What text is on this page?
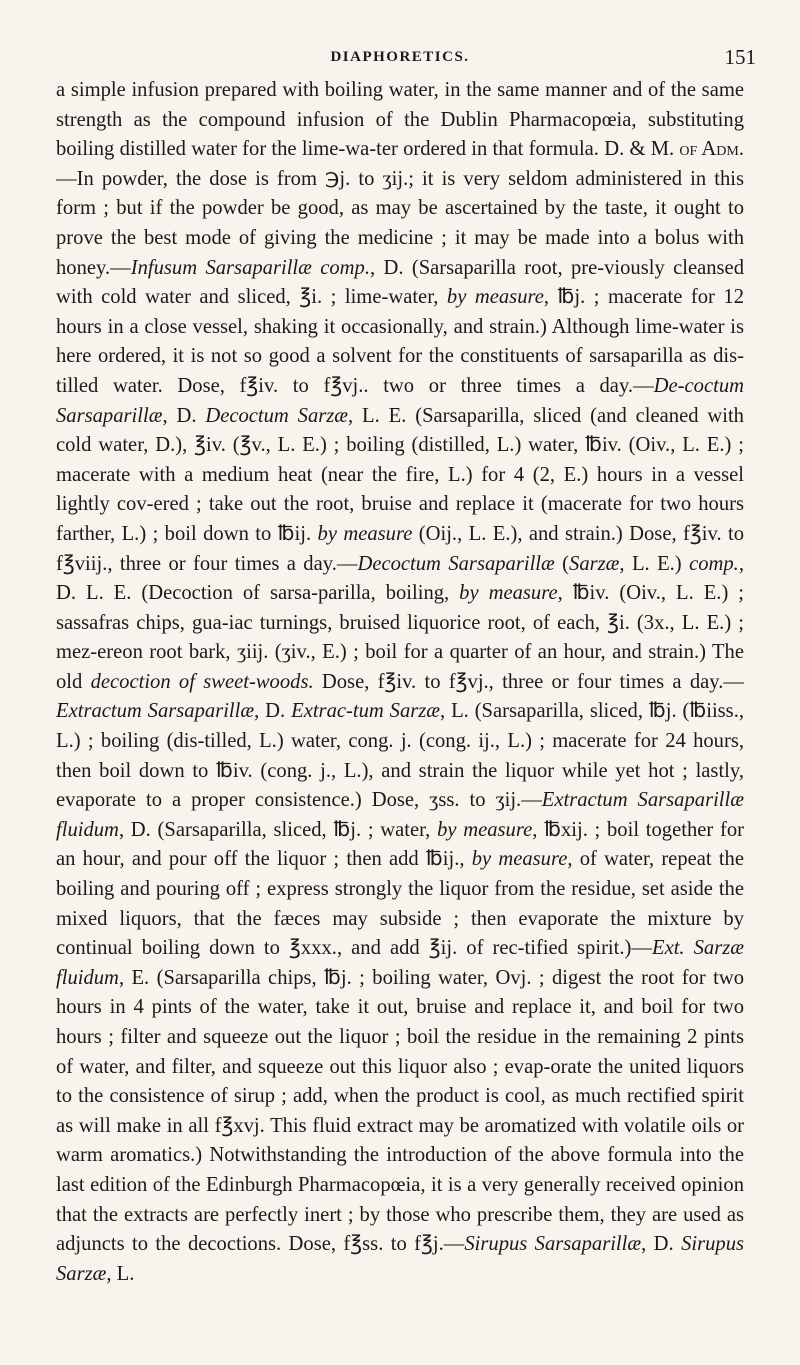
DIAPHORETICS.	151

a simple infusion prepared with boiling water, in the same manner and of the same strength as the compound infusion of the Dublin Pharmacopœia, substituting boiling distilled water for the lime-wa-ter ordered in that formula. D. & M. of Adm.—In powder, the dose is from ℈j. to ʒij.; it is very seldom administered in this form ; but if the powder be good, as may be ascertained by the taste, it ought to prove the best mode of giving the medicine ; it may be made into a bolus with honey.—Infusum Sarsaparillæ comp., D. (Sarsaparilla root, pre-viously cleansed with cold water and sliced, ℥i. ; lime-water, by measure, ℔j. ; macerate for 12 hours in a close vessel, shaking it occasionally, and strain.) Although lime-water is here ordered, it is not so good a solvent for the constituents of sarsaparilla as dis-tilled water. Dose, f℥iv. to f℥vj.. two or three times a day.—De-coctum Sarsaparillæ, D. Decoctum Sarzæ, L. E. (Sarsaparilla, sliced (and cleaned with cold water, D.), ℥iv. (℥v., L. E.) ; boiling (distilled, L.) water, ℔iv. (Oiv., L. E.) ; macerate with a medium heat (near the fire, L.) for 4 (2, E.) hours in a vessel lightly cov-ered ; take out the root, bruise and replace it (macerate for two hours farther, L.) ; boil down to ℔ij. by measure (Oij., L. E.), and strain.) Dose, f℥iv. to f℥viij., three or four times a day.—Decoctum Sarsaparillæ (Sarzæ, L. E.) comp., D. L. E. (Decoction of sarsa-parilla, boiling, by measure, ℔iv. (Oiv., L. E.) ; sassafras chips, gua-iac turnings, bruised liquorice root, of each, ℥i. (3x., L. E.) ; mez-ereon root bark, ʒiij. (ʒiv., E.) ; boil for a quarter of an hour, and strain.) The old decoction of sweet-woods. Dose, f℥iv. to f℥vj., three or four times a day.—Extractum Sarsaparillæ, D. Extrac-tum Sarzæ, L. (Sarsaparilla, sliced, ℔j. (℔iiss., L.) ; boiling (dis-tilled, L.) water, cong. j. (cong. ij., L.) ; macerate for 24 hours, then boil down to ℔iv. (cong. j., L.), and strain the liquor while yet hot ; lastly, evaporate to a proper consistence.) Dose, ʒss. to ʒij.—Extractum Sarsaparillæ fluidum, D. (Sarsaparilla, sliced, ℔j. ; water, by measure, ℔xij. ; boil together for an hour, and pour off the liquor ; then add ℔ij., by measure, of water, repeat the boiling and pouring off ; express strongly the liquor from the residue, set aside the mixed liquors, that the fæces may subside ; then evaporate the mixture by continual boiling down to ℥xxx., and add ℥ij. of rec-tified spirit.)—Ext. Sarzæ fluidum, E. (Sarsaparilla chips, ℔j. ; boiling water, Ovj. ; digest the root for two hours in 4 pints of the water, take it out, bruise and replace it, and boil for two hours ; filter and squeeze out the liquor ; boil the residue in the remaining 2 pints of water, and filter, and squeeze out this liquor also ; evap-orate the united liquors to the consistence of sirup ; add, when the product is cool, as much rectified spirit as will make in all f℥xvj. This fluid extract may be aromatized with volatile oils or warm aromatics.) Notwithstanding the introduction of the above formula into the last edition of the Edinburgh Pharmacopœia, it is a very generally received opinion that the extracts are perfectly inert ; by those who prescribe them, they are used as adjuncts to the decoctions. Dose, f℥ss. to f℥j.—Sirupus Sarsaparillæ, D. Sirupus Sarzæ, L.
